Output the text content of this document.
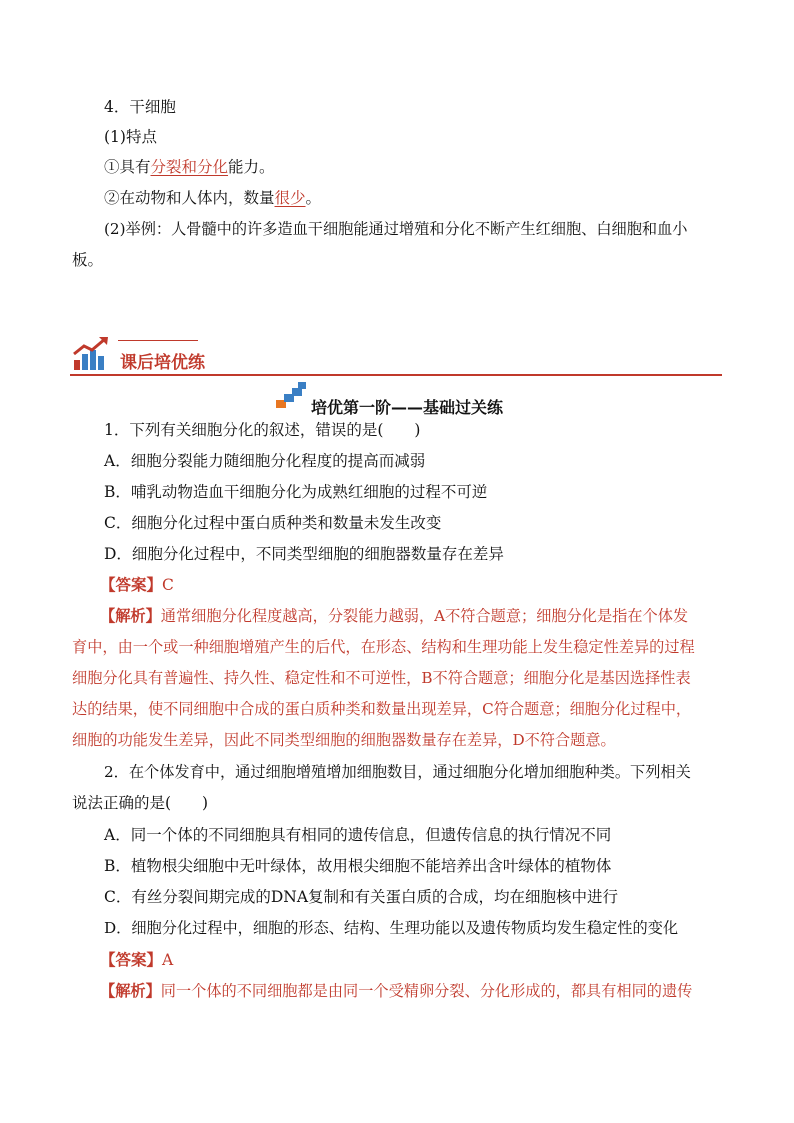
4．干细胞
(1)特点
①具有分裂和分化能力。
②在动物和人体内，数量很少。
(2)举例：人骨髓中的许多造血干细胞能通过增殖和分化不断产生红细胞、白细胞和血小
板。
课后培优练
培优第一阶——基础过关练
1．下列有关细胞分化的叙述，错误的是(　　)
A．细胞分裂能力随细胞分化程度的提高而减弱
B．哺乳动物造血干细胞分化为成熟红细胞的过程不可逆
C．细胞分化过程中蛋白质种类和数量未发生改变
D．细胞分化过程中，不同类型细胞的细胞器数量存在差异
【答案】C
【解析】通常细胞分化程度越高，分裂能力越弱，A不符合题意；细胞分化是指在个体发
育中，由一个或一种细胞增殖产生的后代，在形态、结构和生理功能上发生稳定性差异的过程
细胞分化具有普遍性、持久性、稳定性和不可逆性，B不符合题意；细胞分化是基因选择性表
达的结果，使不同细胞中合成的蛋白质种类和数量出现差异，C符合题意；细胞分化过程中，
细胞的功能发生差异，因此不同类型细胞的细胞器数量存在差异，D不符合题意。
2．在个体发育中，通过细胞增殖增加细胞数目，通过细胞分化增加细胞种类。下列相关
说法正确的是(　　)
A．同一个体的不同细胞具有相同的遗传信息，但遗传信息的执行情况不同
B．植物根尖细胞中无叶绿体，故用根尖细胞不能培养出含叶绿体的植物体
C．有丝分裂间期完成的DNA复制和有关蛋白质的合成，均在细胞核中进行
D．细胞分化过程中，细胞的形态、结构、生理功能以及遗传物质均发生稳定性的变化
【答案】A
【解析】同一个体的不同细胞都是由同一个受精卵分裂、分化形成的，都具有相同的遗传
